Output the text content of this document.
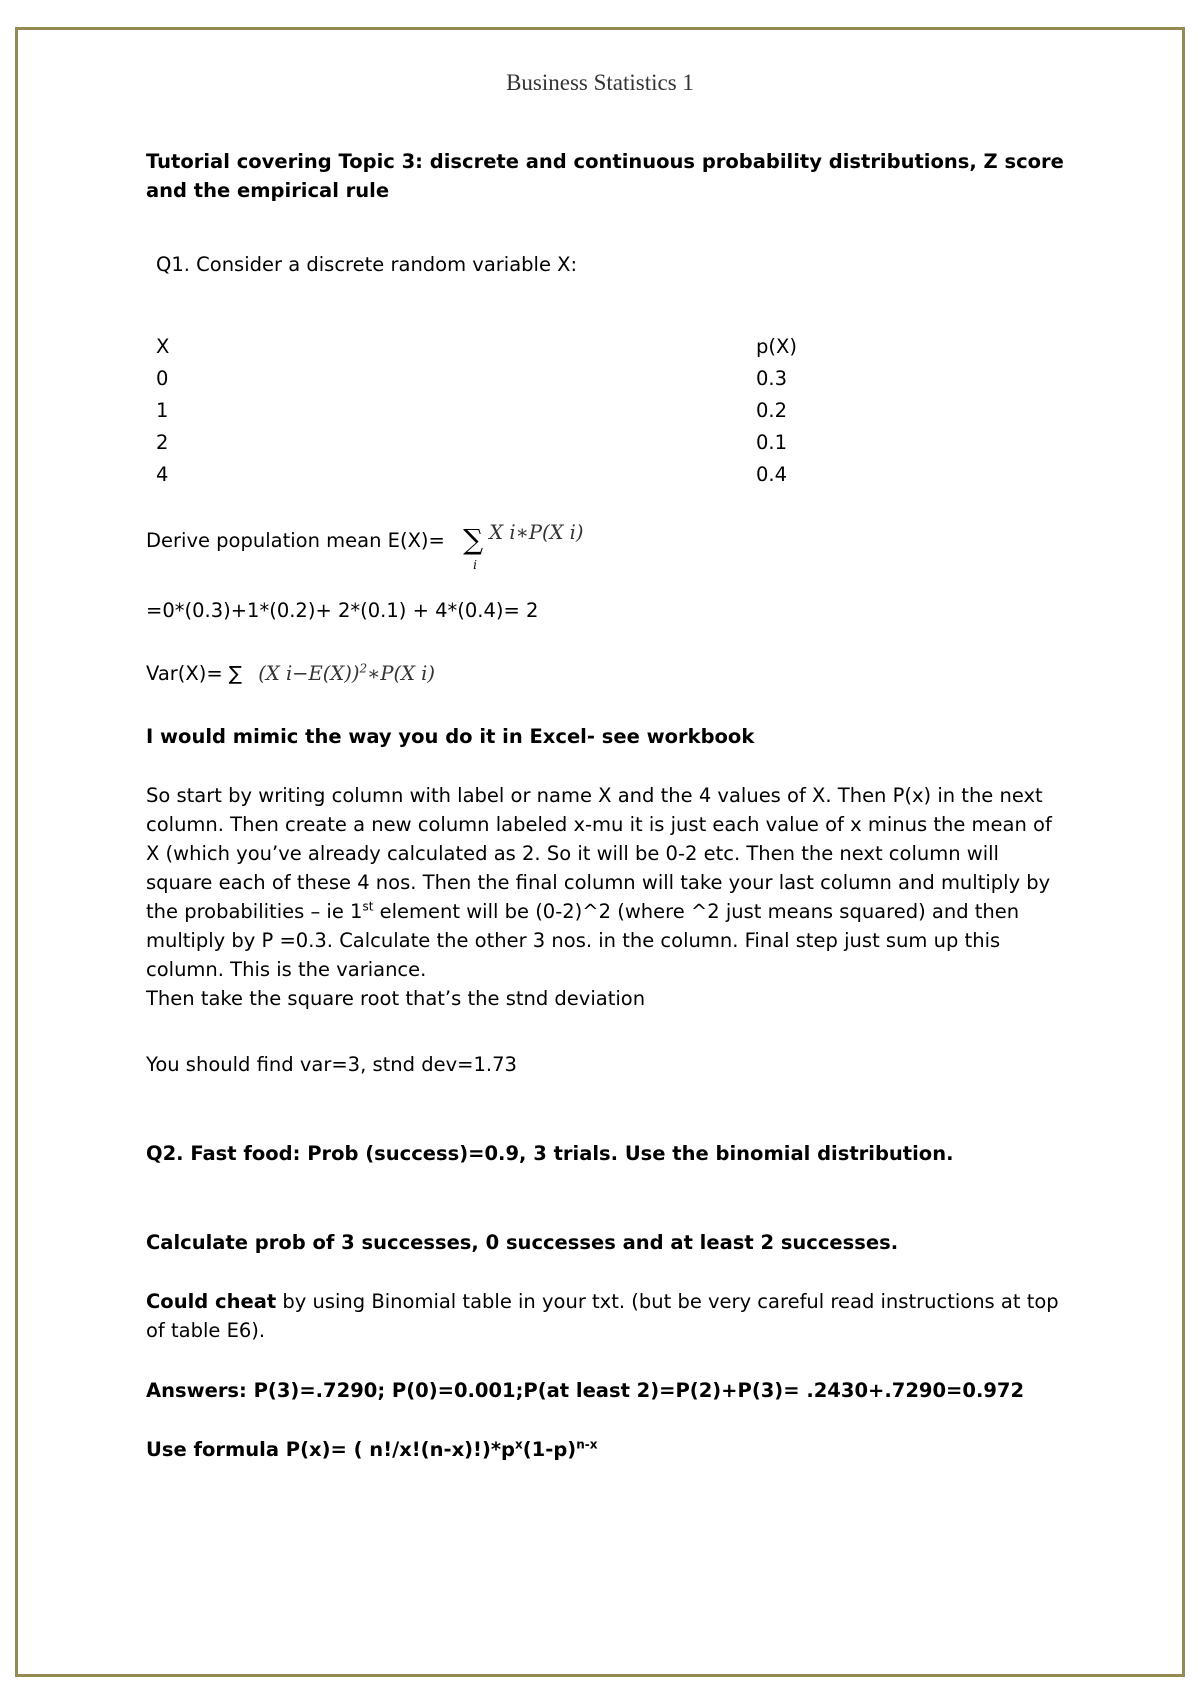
Business Statistics 1
Tutorial covering Topic 3: discrete and continuous probability distributions, Z score and the empirical rule
Q1. Consider a discrete random variable X:
X	p(X)
0	0.3
1	0.2
2	0.1
4	0.4
Derive population mean E(X)= ∑
i
X i∗P(X i)
=0*(0.3)+1*(0.2)+ 2*(0.1) + 4*(0.4)= 2
Var(X)= ∑ (X i−E(X))$^2$∗P(X i)
I would mimic the way you do it in Excel- see workbook
So start by writing column with label or name X and the 4 values of X. Then P(x) in the next column. Then create a new column labeled x-mu it is just each value of x minus the mean of X (which you’ve already calculated as 2. So it will be 0-2 etc. Then the next column will square each of these 4 nos. Then the final column will take your last column and multiply by the probabilities – ie 1st element will be (0-2)^2 (where ^2 just means squared) and then multiply by P =0.3. Calculate the other 3 nos. in the column. Final step just sum up this column. This is the variance.
Then take the square root that’s the stnd deviation
You should find var=3, stnd dev=1.73
Q2. Fast food: Prob (success)=0.9, 3 trials. Use the binomial distribution.
Calculate prob of 3 successes, 0 successes and at least 2 successes.
Could cheat by using Binomial table in your txt. (but be very careful read instructions at top of table E6).
Answers: P(3)=.7290; P(0)=0.001;P(at least 2)=P(2)+P(3)= .2430+.7290=0.972
Use formula P(x)= ( $n!/x!(n-x)!)*p^x(1-p)^{n-x}$
